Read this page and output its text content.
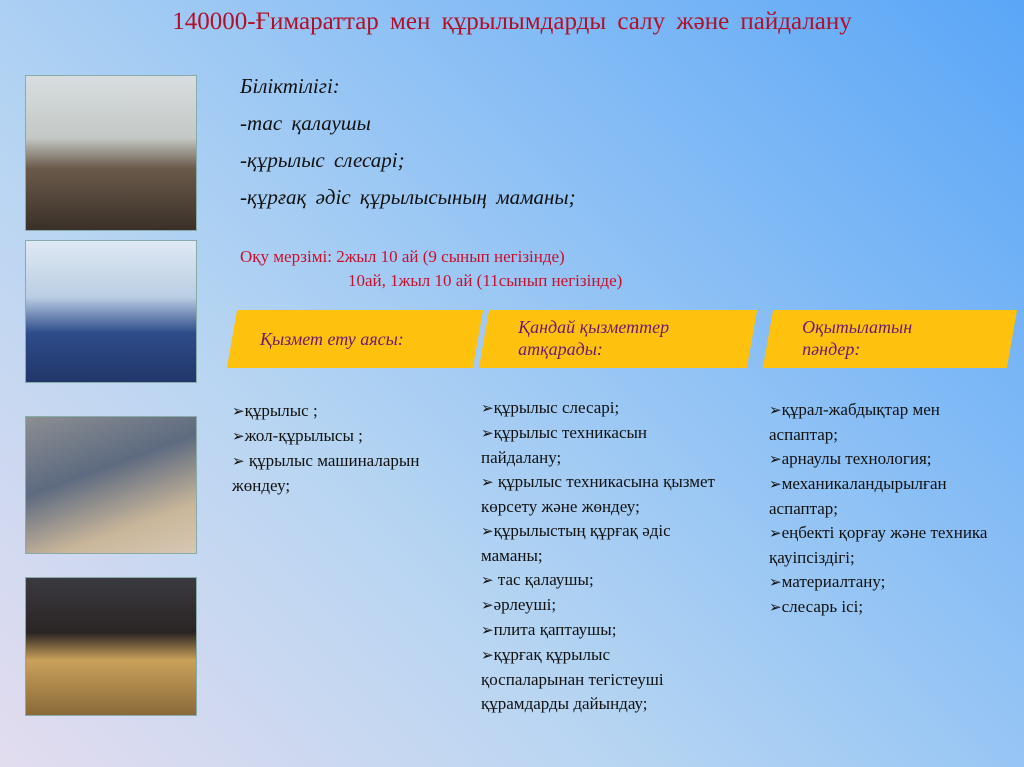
140000-Ғимараттар мен құрылымдарды салу және пайдалану
Біліктілігі:
-тас қалаушы
-құрылыс слесарі;
-құрғақ әдіс құрылысының маманы;
Оқу мерзімі: 2жыл 10 ай (9 сынып негізінде)
10ай, 1жыл 10 ай (11сынып негізінде)
Қызмет ету аясы:
Қандай қызметтер атқарады:
Оқытылатын пәндер:
➢ құрылыс ;
➢ жол-құрылысы ;
➢ құрылыс машиналарын жөндеу;
➢ құрылыс слесарі;
➢ құрылыс техникасын пайдалану;
➢ құрылыс техникасына қызмет көрсету және жөндеу;
➢ құрылыстың құрғақ әдіс маманы;
➢ тас қалаушы;
➢ әрлеуші;
➢ плита қаптаушы;
➢ құрғақ құрылыс қоспаларынан тегістеуші құрамдарды дайындау;
➢ құрал-жабдықтар мен аспаптар;
➢ арнаулы технология;
➢ механикаландырылған аспаптар;
➢ еңбекті қорғау және техника қауіпсіздігі;
➢ материалтану;
➢ слесарь ісі;
